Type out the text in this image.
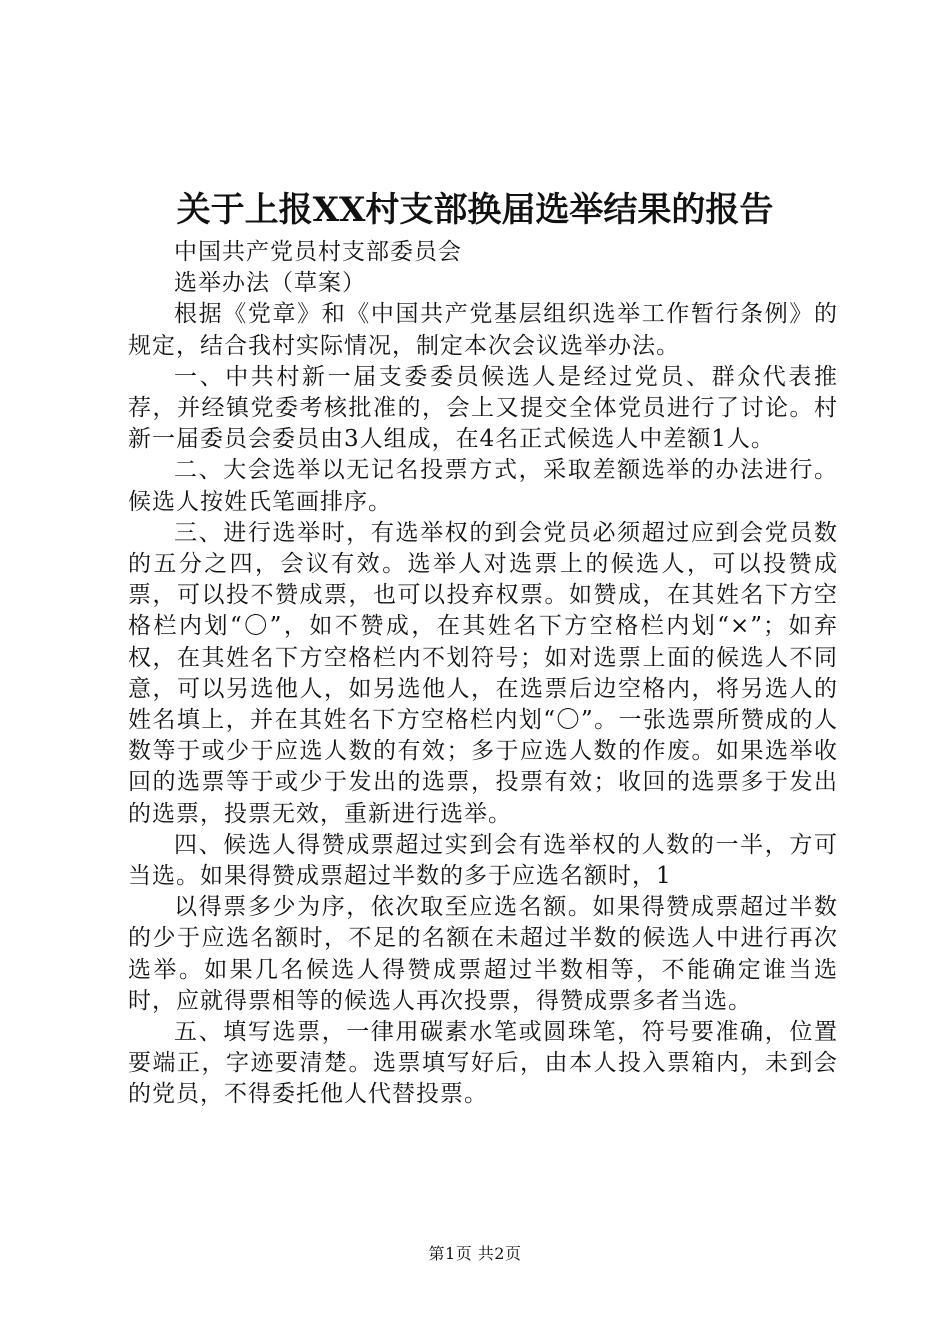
关于上报XX村支部换届选举结果的报告

中国共产党员村支部委员会

选举办法（草案）

根据《党章》和《中国共产党基层组织选举工作暂行条例》的规定，结合我村实际情况，制定本次会议选举办法。

一、中共村新一届支委委员候选人是经过党员、群众代表推荐，并经镇党委考核批准的，会上又提交全体党员进行了讨论。村新一届委员会委员由3人组成，在4名正式候选人中差额1人。

二、大会选举以无记名投票方式，采取差额选举的办法进行。候选人按姓氏笔画排序。

三、进行选举时，有选举权的到会党员必须超过应到会党员数的五分之四，会议有效。选举人对选票上的候选人，可以投赞成票，可以投不赞成票，也可以投弃权票。如赞成，在其姓名下方空格栏内划“〇”，如不赞成，在其姓名下方空格栏内划“×”；如弃权，在其姓名下方空格栏内不划符号；如对选票上面的候选人不同意，可以另选他人，如另选他人，在选票后边空格内，将另选人的姓名填上，并在其姓名下方空格栏内划“〇”。一张选票所赞成的人数等于或少于应选人数的有效；多于应选人数的作废。如果选举收回的选票等于或少于发出的选票，投票有效；收回的选票多于发出的选票，投票无效，重新进行选举。

四、候选人得赞成票超过实到会有选举权的人数的一半，方可当选。如果得赞成票超过半数的多于应选名额时，1

以得票多少为序，依次取至应选名额。如果得赞成票超过半数的少于应选名额时，不足的名额在未超过半数的候选人中进行再次选举。如果几名候选人得赞成票超过半数相等，不能确定谁当选时，应就得票相等的候选人再次投票，得赞成票多者当选。

五、填写选票，一律用碳素水笔或圆珠笔，符号要准确，位置要端正，字迹要清楚。选票填写好后，由本人投入票箱内，未到会的党员，不得委托他人代替投票。

第1页 共2页
